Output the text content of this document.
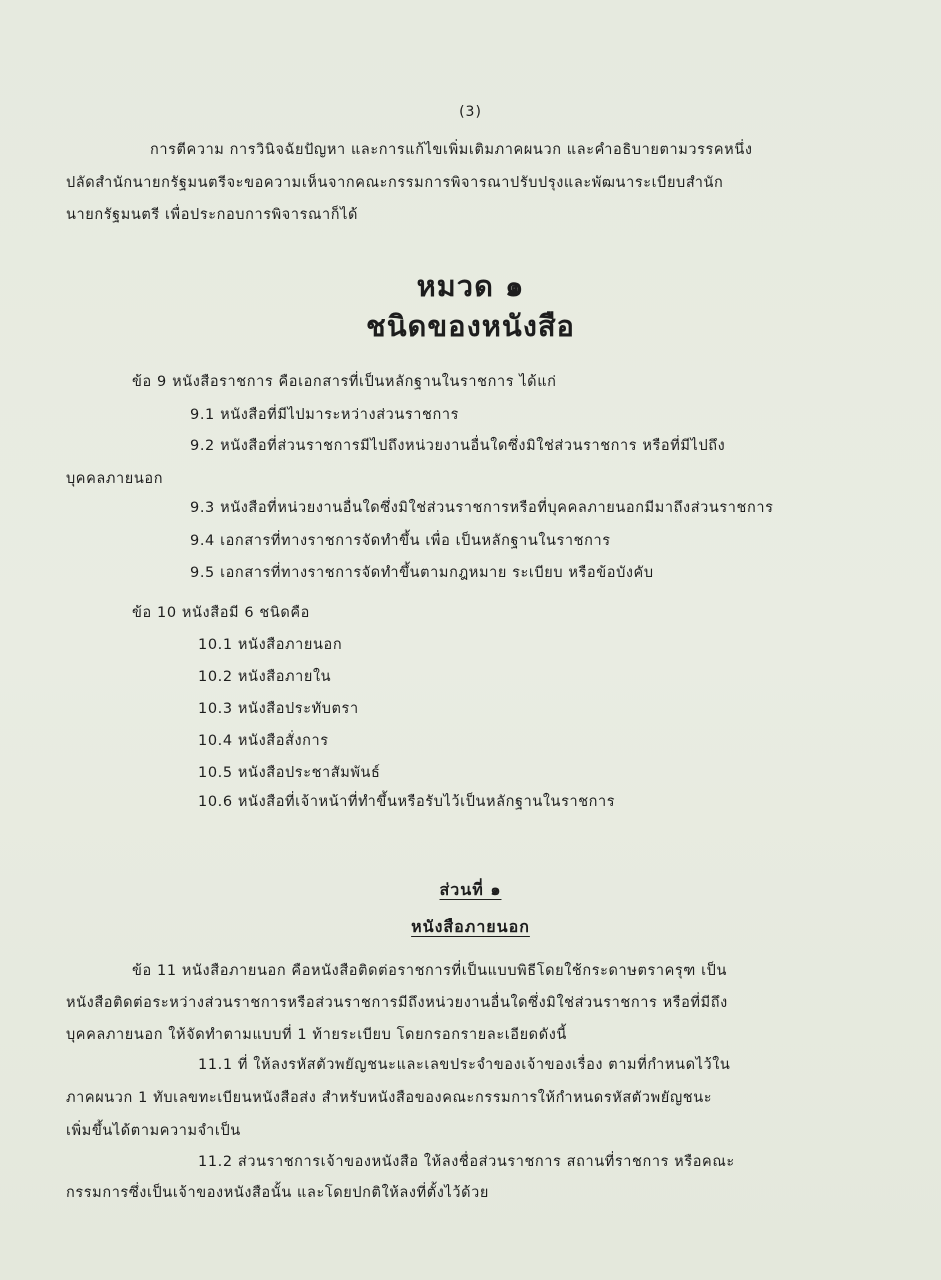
(3)
การตีความ การวินิจฉัยปัญหา และการแก้ไขเพิ่มเติมภาคผนวก และคำอธิบายตามวรรคหนึ่ง
ปลัดสำนักนายกรัฐมนตรีจะขอความเห็นจากคณะกรรมการพิจารณาปรับปรุงและพัฒนาระเบียบสำนัก
นายกรัฐมนตรี เพื่อประกอบการพิจารณาก็ได้
หมวด ๑
ชนิดของหนังสือ
ข้อ 9 หนังสือราชการ คือเอกสารที่เป็นหลักฐานในราชการ ได้แก่
9.1 หนังสือที่มีไปมาระหว่างส่วนราชการ
9.2 หนังสือที่ส่วนราชการมีไปถึงหน่วยงานอื่นใดซึ่งมิใช่ส่วนราชการ หรือที่มีไปถึง
บุคคลภายนอก
9.3 หนังสือที่หน่วยงานอื่นใดซึ่งมิใช่ส่วนราชการหรือที่บุคคลภายนอกมีมาถึงส่วนราชการ
9.4 เอกสารที่ทางราชการจัดทำขึ้น เพื่อ เป็นหลักฐานในราชการ
9.5 เอกสารที่ทางราชการจัดทำขึ้นตามกฎหมาย ระเบียบ หรือข้อบังคับ
ข้อ 10 หนังสือมี 6 ชนิดคือ
10.1 หนังสือภายนอก
10.2 หนังสือภายใน
10.3 หนังสือประทับตรา
10.4 หนังสือสั่งการ
10.5 หนังสือประชาสัมพันธ์
10.6 หนังสือที่เจ้าหน้าที่ทำขึ้นหรือรับไว้เป็นหลักฐานในราชการ
ส่วนที่ ๑
หนังสือภายนอก
ข้อ 11 หนังสือภายนอก คือหนังสือติดต่อราชการที่เป็นแบบพิธีโดยใช้กระดาษตราครุฑ เป็น
หนังสือติดต่อระหว่างส่วนราชการหรือส่วนราชการมีถึงหน่วยงานอื่นใดซึ่งมิใช่ส่วนราชการ หรือที่มีถึง
บุคคลภายนอก ให้จัดทำตามแบบที่ 1 ท้ายระเบียบ โดยกรอกรายละเอียดดังนี้
11.1 ที่ ให้ลงรหัสตัวพยัญชนะและเลขประจำของเจ้าของเรื่อง ตามที่กำหนดไว้ใน
ภาคผนวก 1 ทับเลขทะเบียนหนังสือส่ง สำหรับหนังสือของคณะกรรมการให้กำหนดรหัสตัวพยัญชนะ
เพิ่มขึ้นได้ตามความจำเป็น
11.2 ส่วนราชการเจ้าของหนังสือ ให้ลงชื่อส่วนราชการ สถานที่ราชการ หรือคณะ
กรรมการซึ่งเป็นเจ้าของหนังสือนั้น และโดยปกติให้ลงที่ตั้งไว้ด้วย
